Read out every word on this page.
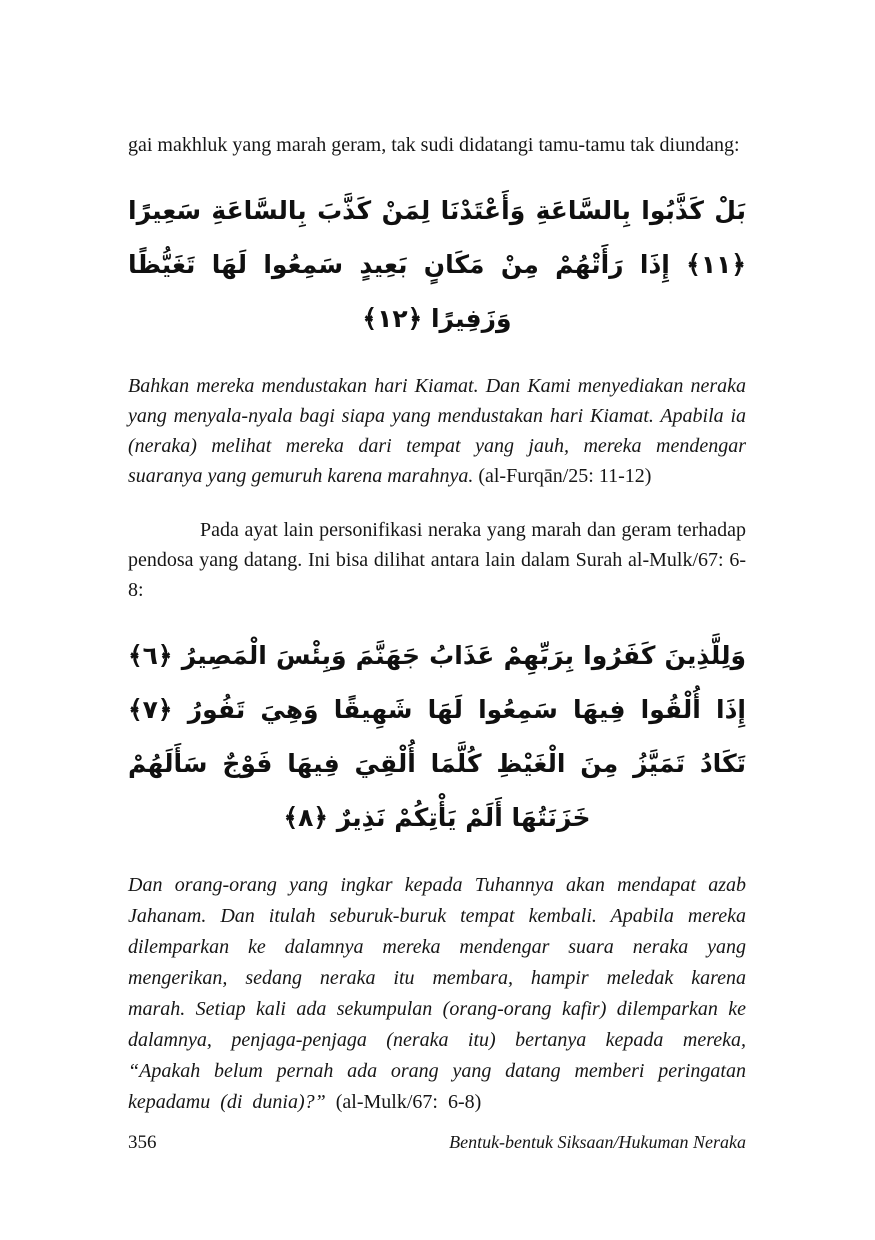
gai makhluk yang marah geram, tak sudi didatangi tamu-tamu tak diundang:

بَلْ كَذَّبُوا بِالسَّاعَةِ وَأَعْتَدْنَا لِمَنْ كَذَّبَ بِالسَّاعَةِ سَعِيرًا ﴿١١﴾ إِذَا رَأَتْهُمْ مِنْ مَكَانٍ بَعِيدٍ سَمِعُوا لَهَا تَغَيُّظًا وَزَفِيرًا ﴿١٢﴾

Bahkan mereka mendustakan hari Kiamat. Dan Kami menyediakan neraka yang menyala-nyala bagi siapa yang mendustakan hari Kiamat. Apabila ia (neraka) melihat mereka dari tempat yang jauh, mereka mendengar suaranya yang gemuruh karena marahnya. (al-Furqān/25: 11-12)

Pada ayat lain personifikasi neraka yang marah dan geram terhadap pendosa yang datang. Ini bisa dilihat antara lain dalam Surah al-Mulk/67: 6-8:

وَلِلَّذِينَ كَفَرُوا بِرَبِّهِمْ عَذَابُ جَهَنَّمَ وَبِئْسَ الْمَصِيرُ ﴿٦﴾ إِذَا أُلْقُوا فِيهَا سَمِعُوا لَهَا شَهِيقًا وَهِيَ تَفُورُ ﴿٧﴾ تَكَادُ تَمَيَّزُ مِنَ الْغَيْظِ كُلَّمَا أُلْقِيَ فِيهَا فَوْجٌ سَأَلَهُمْ خَزَنَتُهَا أَلَمْ يَأْتِكُمْ نَذِيرٌ ﴿٨﴾

Dan orang-orang yang ingkar kepada Tuhannya akan mendapat azab Jahanam. Dan itulah seburuk-buruk tempat kembali. Apabila mereka dilemparkan ke dalamnya mereka mendengar suara neraka yang mengerikan, sedang neraka itu membara, hampir meledak karena marah. Setiap kali ada sekumpulan (orang-orang kafir) dilemparkan ke dalamnya, penjaga-penjaga (neraka itu) bertanya kepada mereka, “Apakah belum pernah ada orang yang datang memberi peringatan kepadamu (di dunia)?” (al-Mulk/67: 6-8)

356	Bentuk-bentuk Siksaan/Hukuman Neraka
